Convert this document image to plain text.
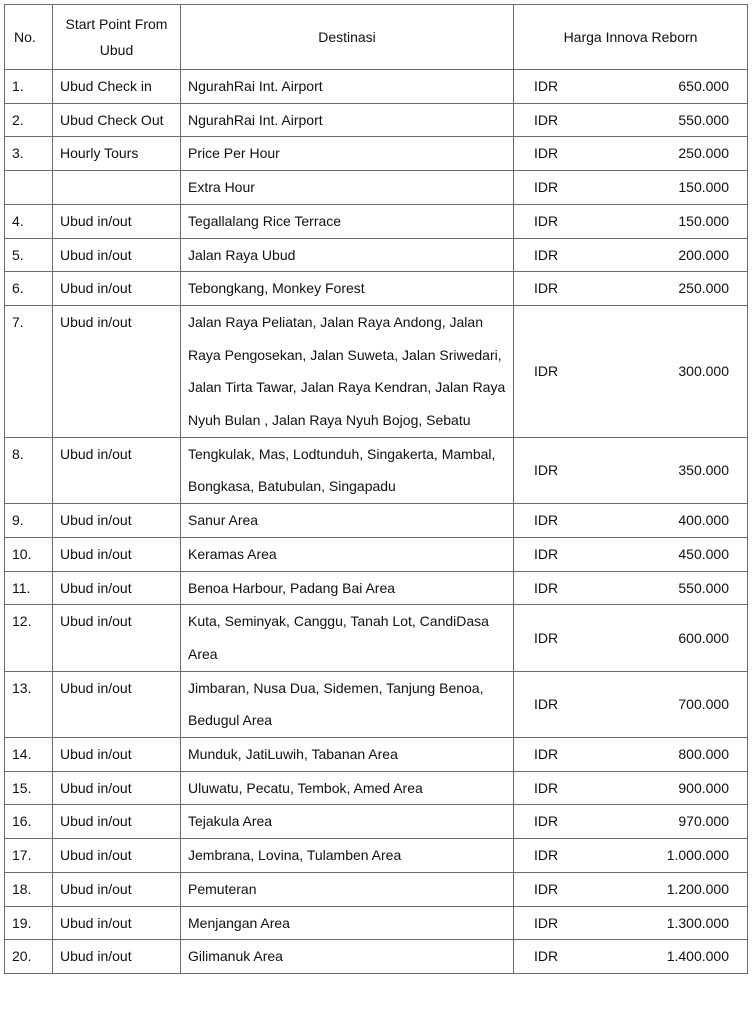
No.	Start Point From Ubud	Destinasi	Harga Innova Reborn
1.	Ubud Check in	NgurahRai Int. Airport	IDR 650.000

2.	Ubud Check Out	NgurahRai Int. Airport	IDR 550.000

3.	Hourly Tours	Price Per Hour	IDR 250.000

		Extra Hour	IDR 150.000

4.	Ubud in/out	Tegallalang Rice Terrace	IDR 150.000

5.	Ubud in/out	Jalan Raya Ubud	IDR 200.000

6.	Ubud in/out	Tebongkang, Monkey Forest	IDR 250.000

7.	Ubud in/out	Jalan Raya Peliatan, Jalan Raya Andong, Jalan Raya Pengosekan, Jalan Suweta, Jalan Sriwedari, Jalan Tirta Tawar, Jalan Raya Kendran, Jalan Raya Nyuh Bulan , Jalan Raya Nyuh Bojog, Sebatu	IDR 300.000

8.	Ubud in/out	Tengkulak, Mas, Lodtunduh, Singakerta, Mambal, Bongkasa, Batubulan, Singapadu	IDR 350.000

9.	Ubud in/out	Sanur Area	IDR 400.000

10.	Ubud in/out	Keramas Area	IDR 450.000

11.	Ubud in/out	Benoa Harbour, Padang Bai Area	IDR 550.000

12.	Ubud in/out	Kuta, Seminyak, Canggu, Tanah Lot, CandiDasa Area	IDR 600.000

13.	Ubud in/out	Jimbaran, Nusa Dua, Sidemen, Tanjung Benoa, Bedugul Area	IDR 700.000

14.	Ubud in/out	Munduk, JatiLuwih, Tabanan Area	IDR 800.000

15.	Ubud in/out	Uluwatu, Pecatu, Tembok, Amed Area	IDR 900.000

16.	Ubud in/out	Tejakula Area	IDR 970.000

17.	Ubud in/out	Jembrana, Lovina, Tulamben Area	IDR 1.000.000

18.	Ubud in/out	Pemuteran	IDR 1.200.000

19.	Ubud in/out	Menjangan Area	IDR 1.300.000

20.	Ubud in/out	Gilimanuk Area	IDR 1.400.000
